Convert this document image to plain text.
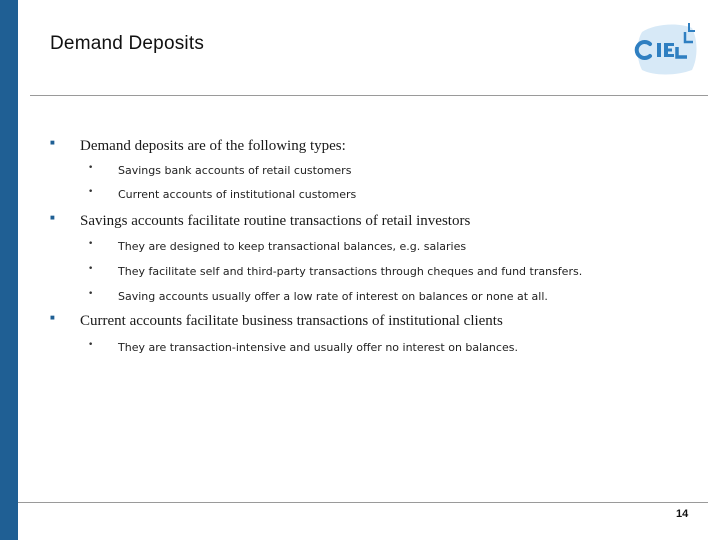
Demand Deposits
■ Demand deposits are of the following types:
• Savings bank accounts of retail customers
• Current accounts of institutional customers
■ Savings accounts facilitate routine transactions of retail investors
• They are designed to keep transactional balances, e.g. salaries
• They facilitate self and third-party transactions through cheques and fund transfers.
• Saving accounts usually offer a low rate of interest on balances or none at all.
■ Current accounts facilitate business transactions of institutional clients
• They are transaction-intensive and usually offer no interest on balances.
14
